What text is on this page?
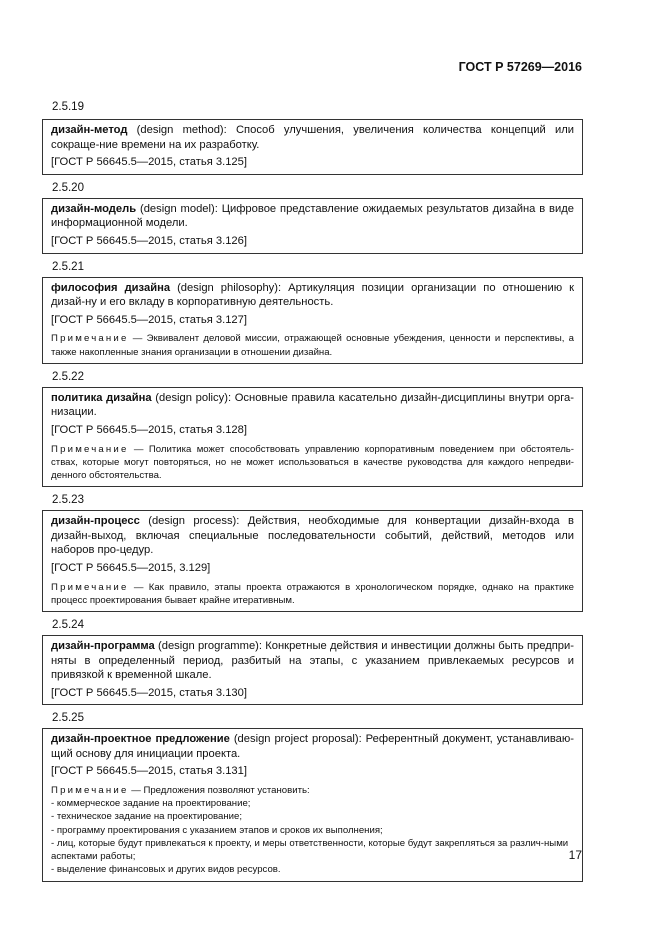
ГОСТ Р 57269—2016
2.5.19
дизайн-метод (design method): Способ улучшения, увеличения количества концепций или сокраще-ние времени на их разработку.
[ГОСТ Р 56645.5—2015, статья 3.125]
2.5.20
дизайн-модель (design model): Цифровое представление ожидаемых результатов дизайна в виде информационной модели.
[ГОСТ Р 56645.5—2015, статья 3.126]
2.5.21
философия дизайна (design philosophy): Артикуляция позиции организации по отношению к дизай-ну и его вкладу в корпоративную деятельность.
[ГОСТ Р 56645.5—2015, статья 3.127]
Примечание — Эквивалент деловой миссии, отражающей основные убеждения, ценности и перспективы, а также накопленные знания организации в отношении дизайна.
2.5.22
политика дизайна (design policy): Основные правила касательно дизайн-дисциплины внутри орга-низации.
[ГОСТ Р 56645.5—2015, статья 3.128]
Примечание — Политика может способствовать управлению корпоративным поведением при обстоятель-ствах, которые могут повторяться, но не может использоваться в качестве руководства для каждого непредви-денного обстоятельства.
2.5.23
дизайн-процесс (design process): Действия, необходимые для конвертации дизайн-входа в дизайн-выход, включая специальные последовательности событий, действий, методов или наборов про-цедур.
[ГОСТ Р 56645.5—2015, 3.129]
Примечание — Как правило, этапы проекта отражаются в хронологическом порядке, однако на практике процесс проектирования бывает крайне итеративным.
2.5.24
дизайн-программа (design programme): Конкретные действия и инвестиции должны быть предпри-няты в определенный период, разбитый на этапы, с указанием привлекаемых ресурсов и привязкой к временной шкале.
[ГОСТ Р 56645.5—2015, статья 3.130]
2.5.25
дизайн-проектное предложение (design project proposal): Референтный документ, устанавливаю-щий основу для инициации проекта.
[ГОСТ Р 56645.5—2015, статья 3.131]
Примечание — Предложения позволяют установить:
- коммерческое задание на проектирование;
- техническое задание на проектирование;
- программу проектирования с указанием этапов и сроков их выполнения;
- лиц, которые будут привлекаться к проекту, и меры ответственности, которые будут закрепляться за различ-ными аспектами работы;
- выделение финансовых и других видов ресурсов.
17
